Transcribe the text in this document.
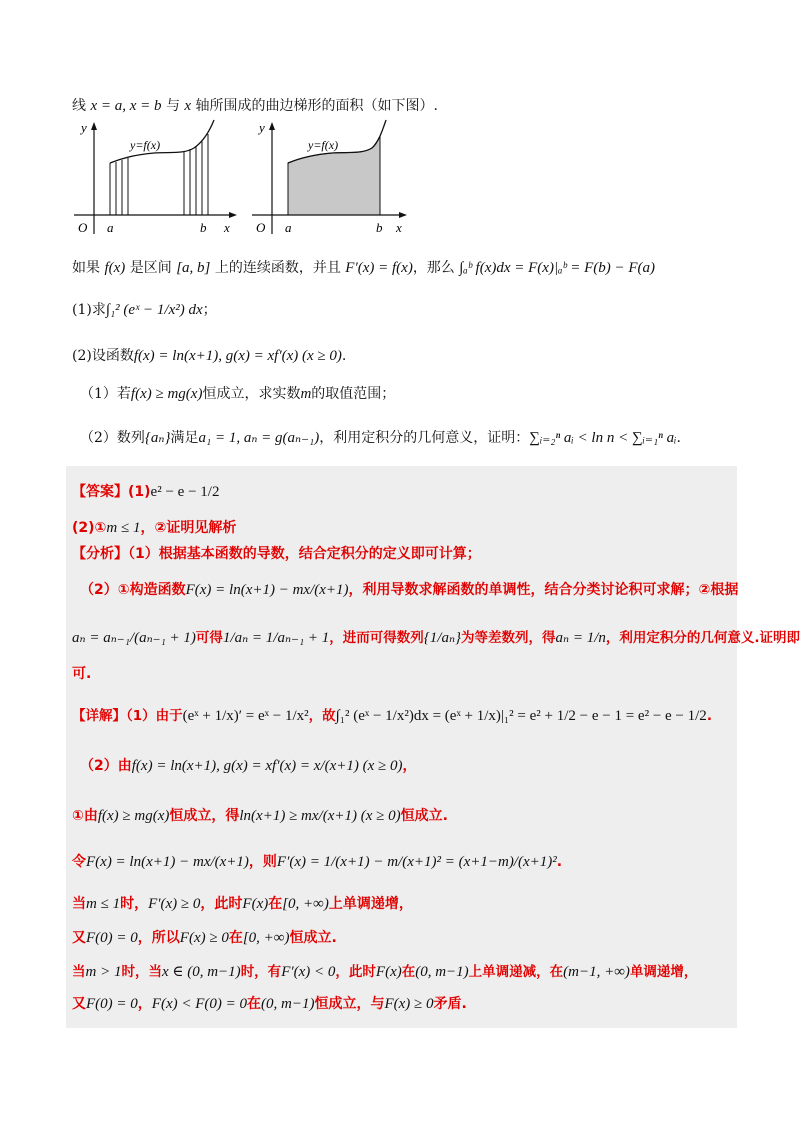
线 x = a, x = b 与 x 轴所围成的曲边梯形的面积（如下图）.
y=f(x)
y
x
O a	b
y=f(x)
y
x
O a	b
如果 f(x) 是区间 [a, b] 上的连续函数，并且 F′(x) = f(x)，那么 ∫ₐᵇ f(x)dx = F(x)|ₐᵇ = F(b) − F(a)
(1)求∫₁² (eˣ − 1/x²) dx；
(2)设函数f(x) = ln(x+1), g(x) = xf′(x) (x ≥ 0).
（1）若f(x) ≥ mg(x)恒成立，求实数m的取值范围；
（2）数列{aₙ}满足a₁ = 1, aₙ = g(aₙ₋₁)，利用定积分的几何意义，证明：∑ᵢ₌₂ⁿ aᵢ < ln n < ∑ᵢ₌₁ⁿ aᵢ.
【答案】(1)e² − e − 1/2
(2)①m ≤ 1，②证明见解析
【分析】（1）根据基本函数的导数，结合定积分的定义即可计算；
（2）①构造函数F(x) = ln(x+1) − mx/(x+1)，利用导数求解函数的单调性，结合分类讨论积可求解；②根据
aₙ = aₙ₋₁/(aₙ₋₁ + 1)可得1/aₙ = 1/aₙ₋₁ + 1，进而可得数列{1/aₙ}为等差数列，得aₙ = 1/n，利用定积分的几何意义.证明即
可.
【详解】（1）由于(eˣ + 1/x)′ = eˣ − 1/x²，故∫₁² (eˣ − 1/x²)dx = (eˣ + 1/x)|₁² = e² + 1/2 − e − 1 = e² − e − 1/2.
（2）由f(x) = ln(x+1), g(x) = xf′(x) = x/(x+1) (x ≥ 0)，
①由f(x) ≥ mg(x)恒成立，得ln(x+1) ≥ mx/(x+1) (x ≥ 0)恒成立.
令F(x) = ln(x+1) − mx/(x+1)，则F′(x) = 1/(x+1) − m/(x+1)² = (x+1−m)/(x+1)².
当m ≤ 1时，F′(x) ≥ 0，此时F(x)在[0, +∞)上单调递增，
又F(0) = 0，所以F(x) ≥ 0在[0, +∞)恒成立.
当m > 1时，当x ∈ (0, m−1)时，有F′(x) < 0，此时F(x)在(0, m−1)上单调递减，在(m−1, +∞)单调递增，
又F(0) = 0，F(x) < F(0) = 0在(0, m−1)恒成立，与F(x) ≥ 0矛盾.
